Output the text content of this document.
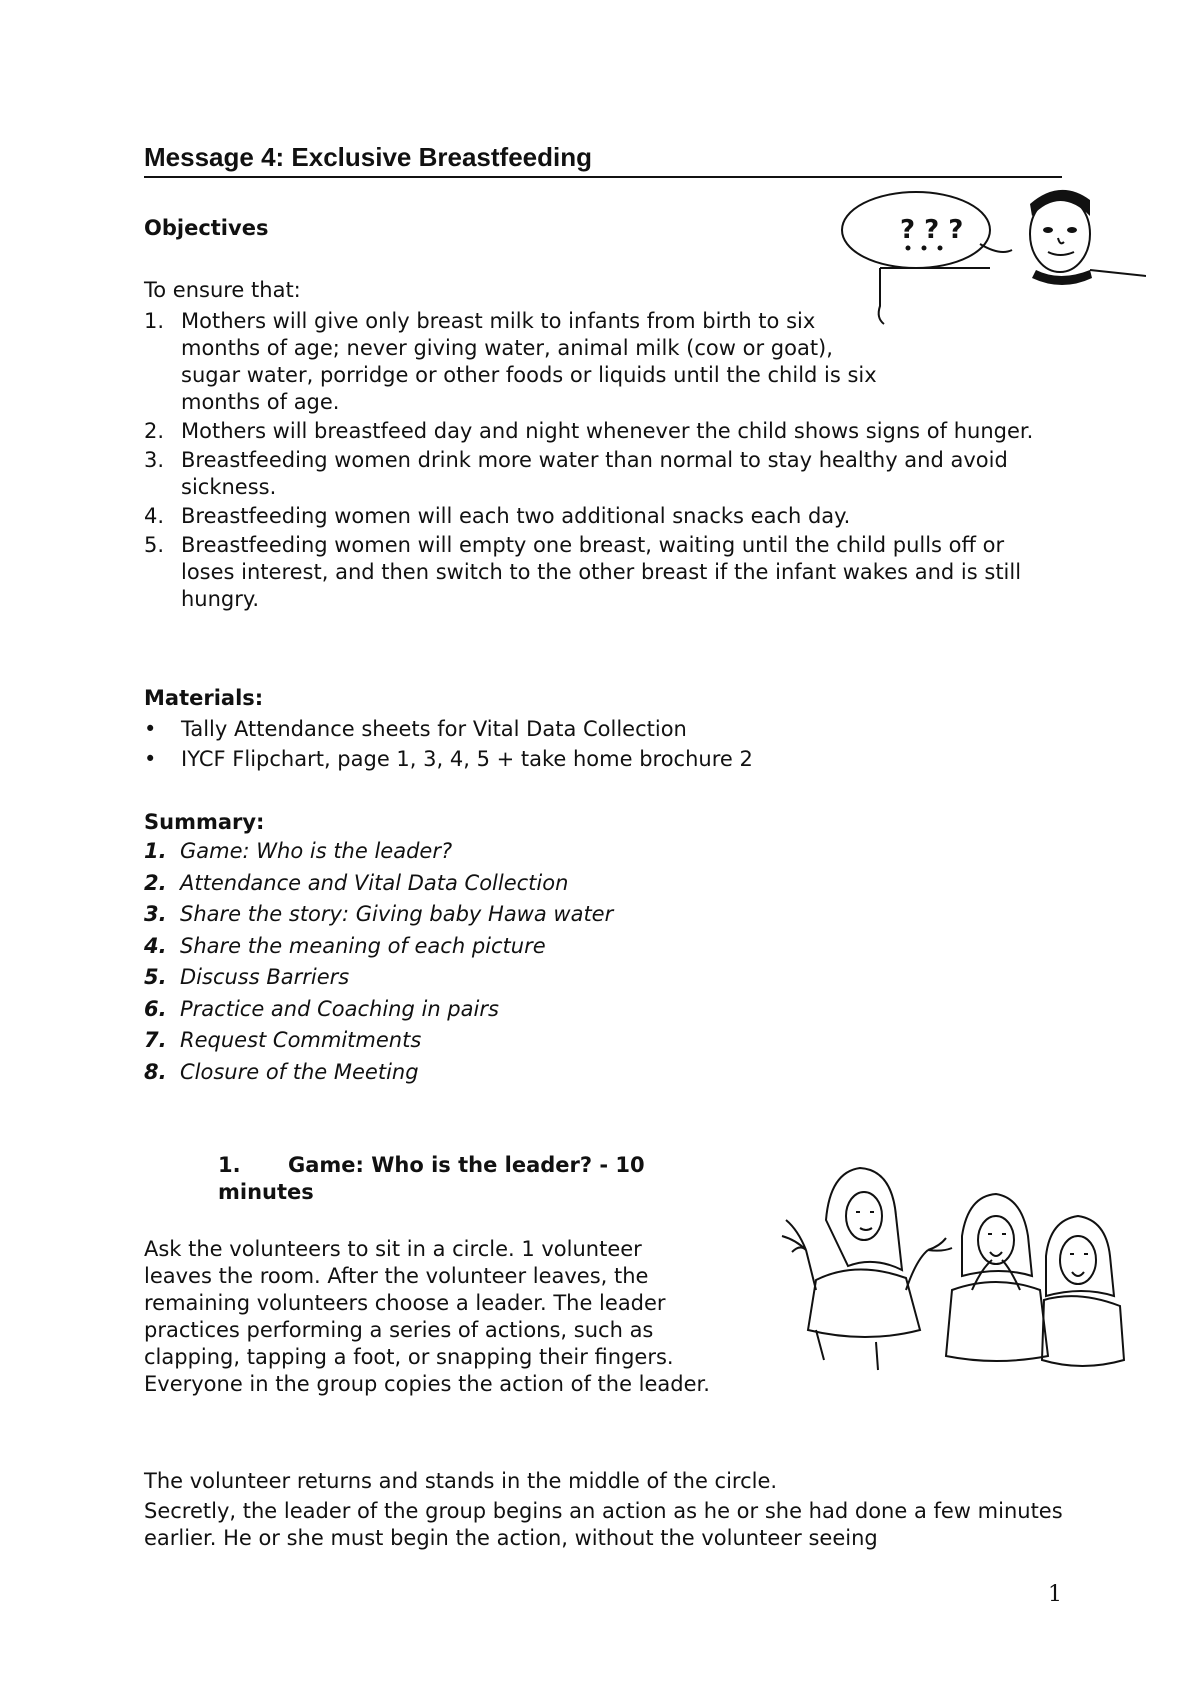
Message 4: Exclusive Breastfeeding
Objectives
To ensure that:
? ? ?
1. Mothers will give only breast milk to infants from birth to six months of age; never giving water, animal milk (cow or goat), sugar water, porridge or other foods or liquids until the child is six months of age.
2. Mothers will breastfeed day and night whenever the child shows signs of hunger.
3. Breastfeeding women drink more water than normal to stay healthy and avoid sickness.
4. Breastfeeding women will each two additional snacks each day.
5. Breastfeeding women will empty one breast, waiting until the child pulls off or loses interest, and then switch to the other breast if the infant wakes and is still hungry.
Materials:
• Tally Attendance sheets for Vital Data Collection
• IYCF Flipchart, page 1, 3, 4, 5 + take home brochure 2
Summary:
1. Game: Who is the leader?
2. Attendance and Vital Data Collection
3. Share the story: Giving baby Hawa water
4. Share the meaning of each picture
5. Discuss Barriers
6. Practice and Coaching in pairs
7. Request Commitments
8. Closure of the Meeting
1. Game: Who is the leader? - 10 minutes
Ask the volunteers to sit in a circle. 1 volunteer leaves the room. After the volunteer leaves, the remaining volunteers choose a leader. The leader practices performing a series of actions, such as clapping, tapping a foot, or snapping their fingers. Everyone in the group copies the action of the leader.
The volunteer returns and stands in the middle of the circle.
Secretly, the leader of the group begins an action as he or she had done a few minutes earlier. He or she must begin the action, without the volunteer seeing
1
